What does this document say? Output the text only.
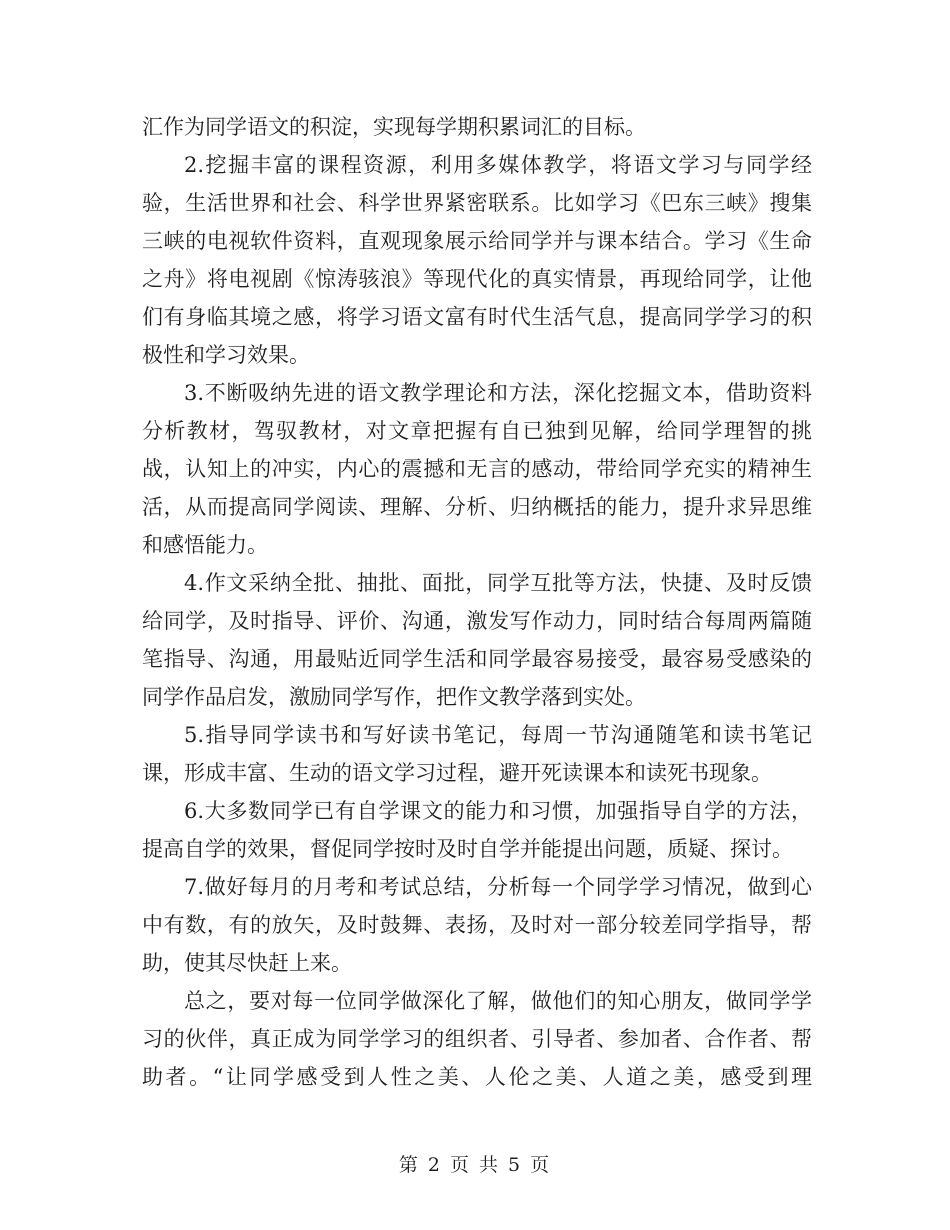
汇作为同学语文的积淀，实现每学期积累词汇的目标。

2.挖掘丰富的课程资源，利用多媒体教学，将语文学习与同学经验，生活世界和社会、科学世界紧密联系。比如学习《巴东三峡》搜集三峡的电视软件资料，直观现象展示给同学并与课本结合。学习《生命之舟》将电视剧《惊涛骇浪》等现代化的真实情景，再现给同学，让他们有身临其境之感，将学习语文富有时代生活气息，提高同学学习的积极性和学习效果。

3.不断吸纳先进的语文教学理论和方法，深化挖掘文本，借助资料分析教材，驾驭教材，对文章把握有自已独到见解，给同学理智的挑战，认知上的冲实，内心的震撼和无言的感动，带给同学充实的精神生活，从而提高同学阅读、理解、分析、归纳概括的能力，提升求异思维和感悟能力。

4.作文采纳全批、抽批、面批，同学互批等方法，快捷、及时反馈给同学，及时指导、评价、沟通，激发写作动力，同时结合每周两篇随笔指导、沟通，用最贴近同学生活和同学最容易接受，最容易受感染的同学作品启发，激励同学写作，把作文教学落到实处。

5.指导同学读书和写好读书笔记，每周一节沟通随笔和读书笔记课，形成丰富、生动的语文学习过程，避开死读课本和读死书现象。

6.大多数同学已有自学课文的能力和习惯，加强指导自学的方法，提高自学的效果，督促同学按时及时自学并能提出问题，质疑、探讨。

7.做好每月的月考和考试总结，分析每一个同学学习情况，做到心中有数，有的放矢，及时鼓舞、表扬，及时对一部分较差同学指导，帮助，使其尽快赶上来。

总之，要对每一位同学做深化了解，做他们的知心朋友，做同学学习的伙伴，真正成为同学学习的组织者、引导者、参加者、合作者、帮助者。“让同学感受到人性之美、人伦之美、人道之美，感受到理

第 2 页 共 5 页
